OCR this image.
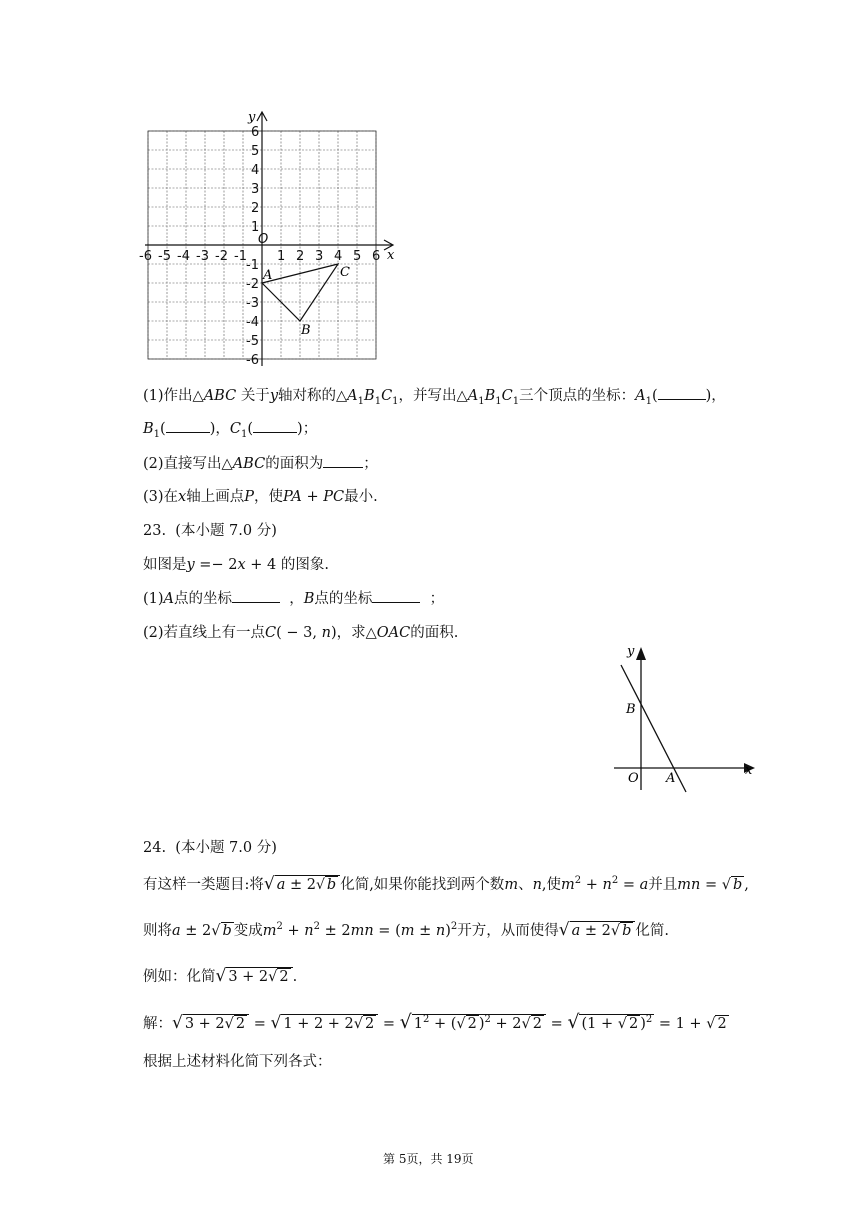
-6 -5 -4 -3 -2 -1
O
1 2 3 4 5 6
6
5
4
3
2
1
-1
-2
-3
-4
-5
-6
x
y
A
B
C
(1)作出△ABC 关于y轴对称的$\triangle A_1B_1C_1$，并写出$\triangle A_1B_1C_1$三个顶点的坐标：$A_1$(	)，
$B_1$(	)，$C_1$(	)；
(2)直接写出△ABC的面积为	；
(3)在x轴上画点P，使PA + PC最小.
23. (本小题 7.0 分)
如图是y =− 2x + 4 的图象.
(1)A点的坐标	，B点的坐标	；
(2)若直线上有一点C( − 3, n)，求△OAC的面积.
y
x
B
O A
24. (本小题 7.0 分)
有这样一类题目:将√ a ± 2√ b 化简,如果你能找到两个数m、n,使$m^2 + n^2 = a$并且mn = √ b ,
则将a ± 2√ b 变成$m^2 + n^2 \pm 2mn = (m \pm n)^2$开方，从而使得√ a ± 2√ b 化简.
例如：化简√ 3 + 2√ 2 .
解：√ 3 + 2√ 2 = √ 1 + 2 + 2√ 2 = √ $1^2$ + (√ 2 )$^2$ + 2√ 2 = √ (1 + √ 2 )$^2$ = 1 + √ 2
根据上述材料化简下列各式：
第 5页，共 19页
